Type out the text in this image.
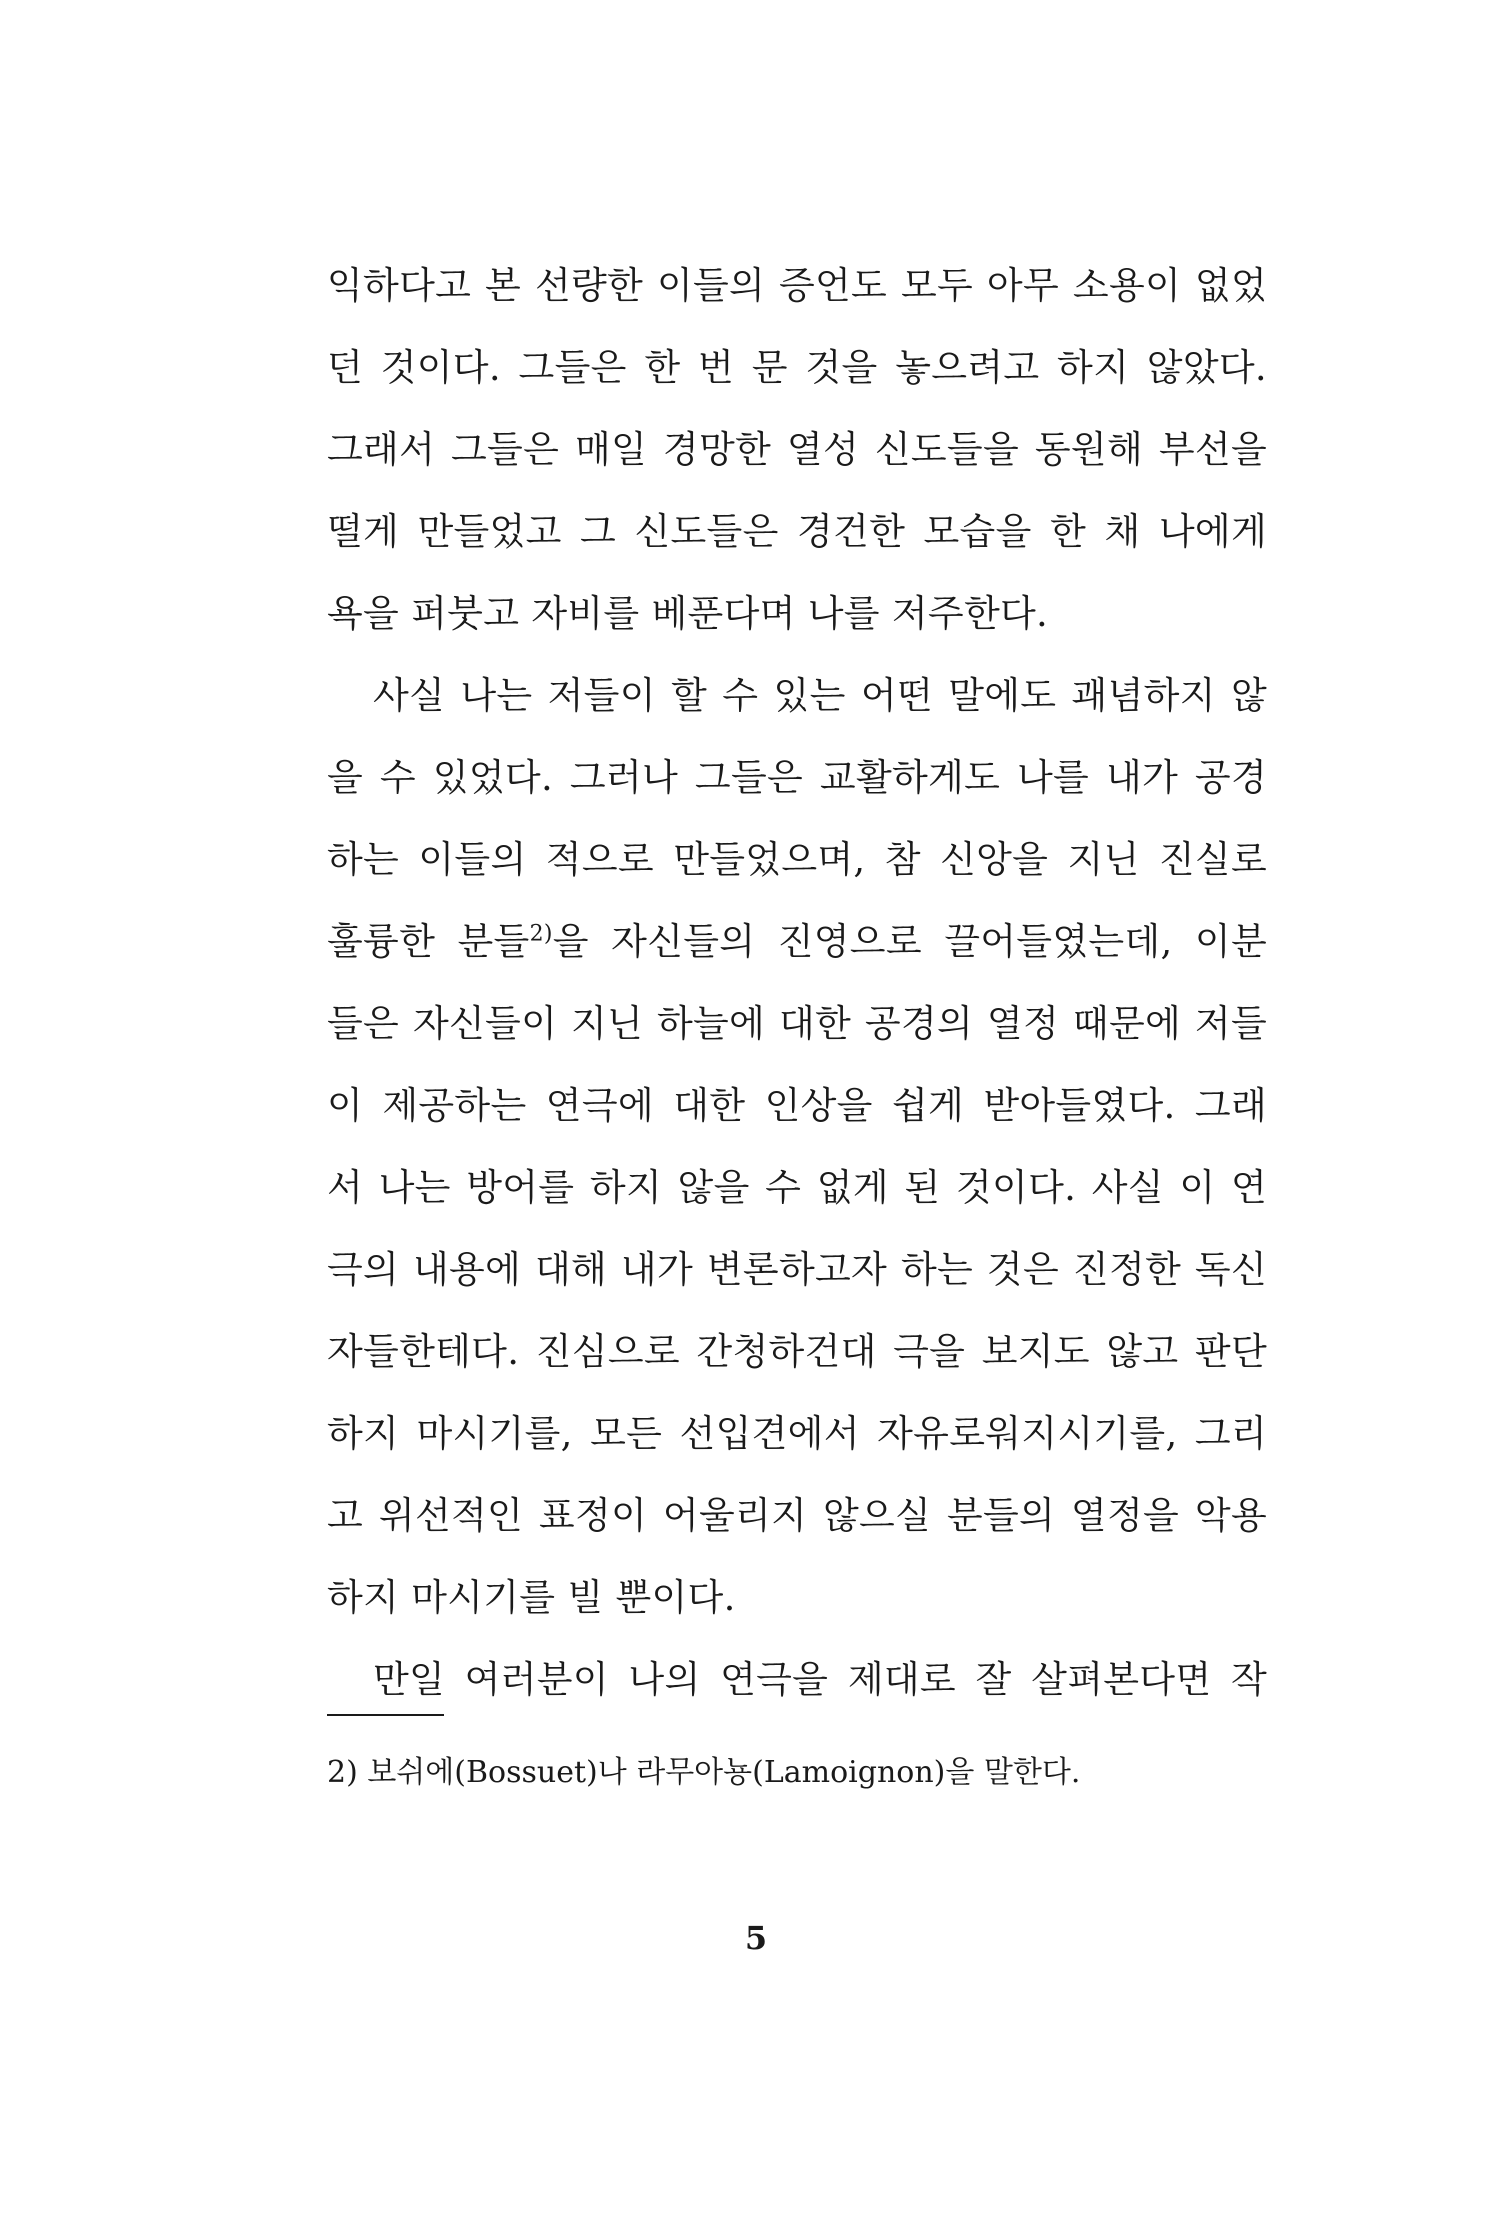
익하다고 본 선량한 이들의 증언도 모두 아무 소용이 없었
던 것이다. 그들은 한 번 문 것을 놓으려고 하지 않았다.
그래서 그들은 매일 경망한 열성 신도들을 동원해 부선을
떨게 만들었고 그 신도들은 경건한 모습을 한 채 나에게
욕을 퍼붓고 자비를 베푼다며 나를 저주한다.
사실 나는 저들이 할 수 있는 어떤 말에도 괘념하지 않
을 수 있었다. 그러나 그들은 교활하게도 나를 내가 공경
하는 이들의 적으로 만들었으며, 참 신앙을 지닌 진실로
훌륭한 분들$^{2)}$을 자신들의 진영으로 끌어들였는데, 이분
들은 자신들이 지닌 하늘에 대한 공경의 열정 때문에 저들
이 제공하는 연극에 대한 인상을 쉽게 받아들였다. 그래
서 나는 방어를 하지 않을 수 없게 된 것이다. 사실 이 연
극의 내용에 대해 내가 변론하고자 하는 것은 진정한 독신
자들한테다. 진심으로 간청하건대 극을 보지도 않고 판단
하지 마시기를, 모든 선입견에서 자유로워지시기를, 그리
고 위선적인 표정이 어울리지 않으실 분들의 열정을 악용
하지 마시기를 빌 뿐이다.
만일 여러분이 나의 연극을 제대로 잘 살펴본다면 작
2) 보쉬에(Bossuet)나 라무아뇽(Lamoignon)을 말한다.
5
